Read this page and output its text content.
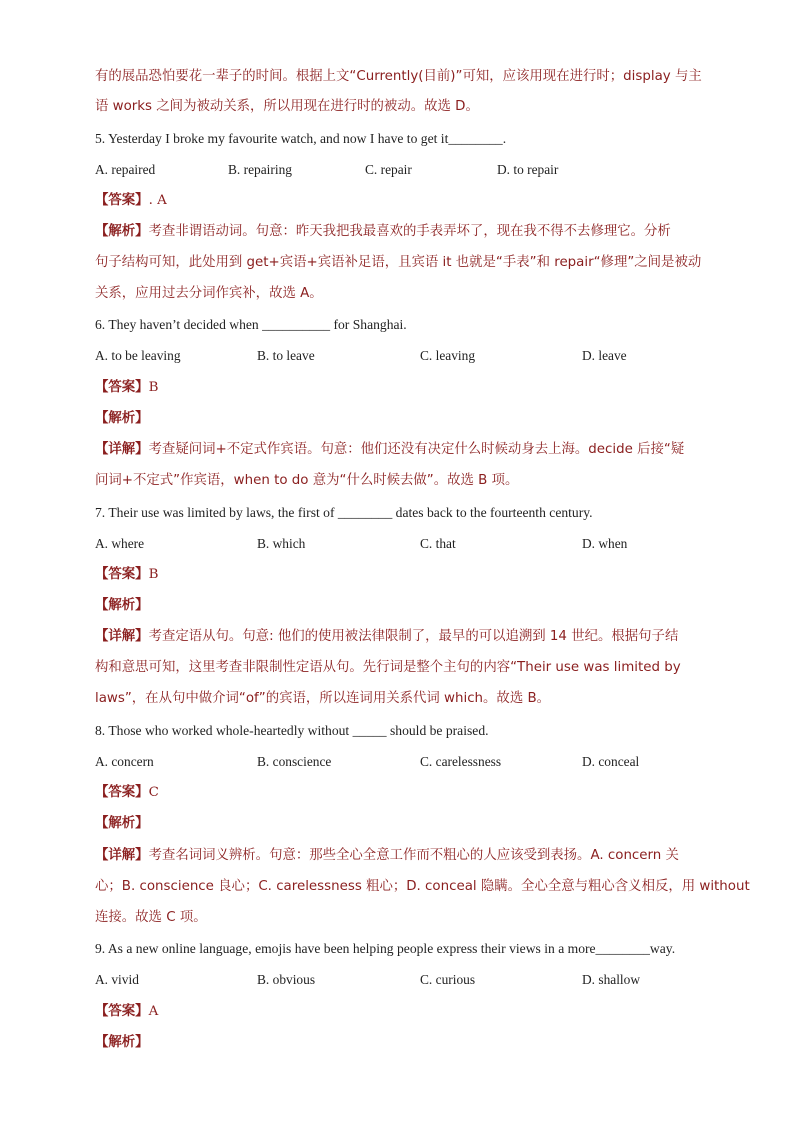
有的展品恐怕要花一辈子的时间。根据上文“Currently(目前)”可知，应该用现在进行时；display 与主
语 works 之间为被动关系，所以用现在进行时的被动。故选 D。
5. Yesterday I broke my favourite watch, and now I have to get it________.
A. repaired	B. repairing	C. repair	D. to repair
【答案】. A
【解析】考查非谓语动词。句意：昨天我把我最喜欢的手表弄坏了，现在我不得不去修理它。分析
句子结构可知，此处用到 get+宾语+宾语补足语，且宾语 it 也就是“手表”和 repair“修理”之间是被动
关系，应用过去分词作宾补，故选 A。
6. They haven’t decided when __________ for Shanghai.
A. to be leaving	B. to leave	C. leaving	D. leave
【答案】B
【解析】
【详解】考查疑问词+不定式作宾语。句意：他们还没有决定什么时候动身去上海。decide 后接“疑
问词+不定式”作宾语，when to do 意为“什么时候去做”。故选 B 项。
7. Their use was limited by laws, the first of ________ dates back to the fourteenth century.
A. where	B. which	C. that	D. when
【答案】B
【解析】
【详解】考查定语从句。句意: 他们的使用被法律限制了，最早的可以追溯到 14 世纪。根据句子结
构和意思可知，这里考查非限制性定语从句。先行词是整个主句的内容“Their use was limited by
laws”，在从句中做介词“of”的宾语，所以连词用关系代词 which。故选 B。
8. Those who worked whole-heartedly without _____ should be praised.
A. concern	B. conscience	C. carelessness	D. conceal
【答案】C
【解析】
【详解】考查名词词义辨析。句意：那些全心全意工作而不粗心的人应该受到表扬。A. concern 关
心；B. conscience 良心；C. carelessness 粗心；D. conceal 隐瞒。全心全意与粗心含义相反，用 without
连接。故选 C 项。
9. As a new online language, emojis have been helping people express their views in a more________way.
A. vivid	B. obvious	C. curious	D. shallow
【答案】A
【解析】
